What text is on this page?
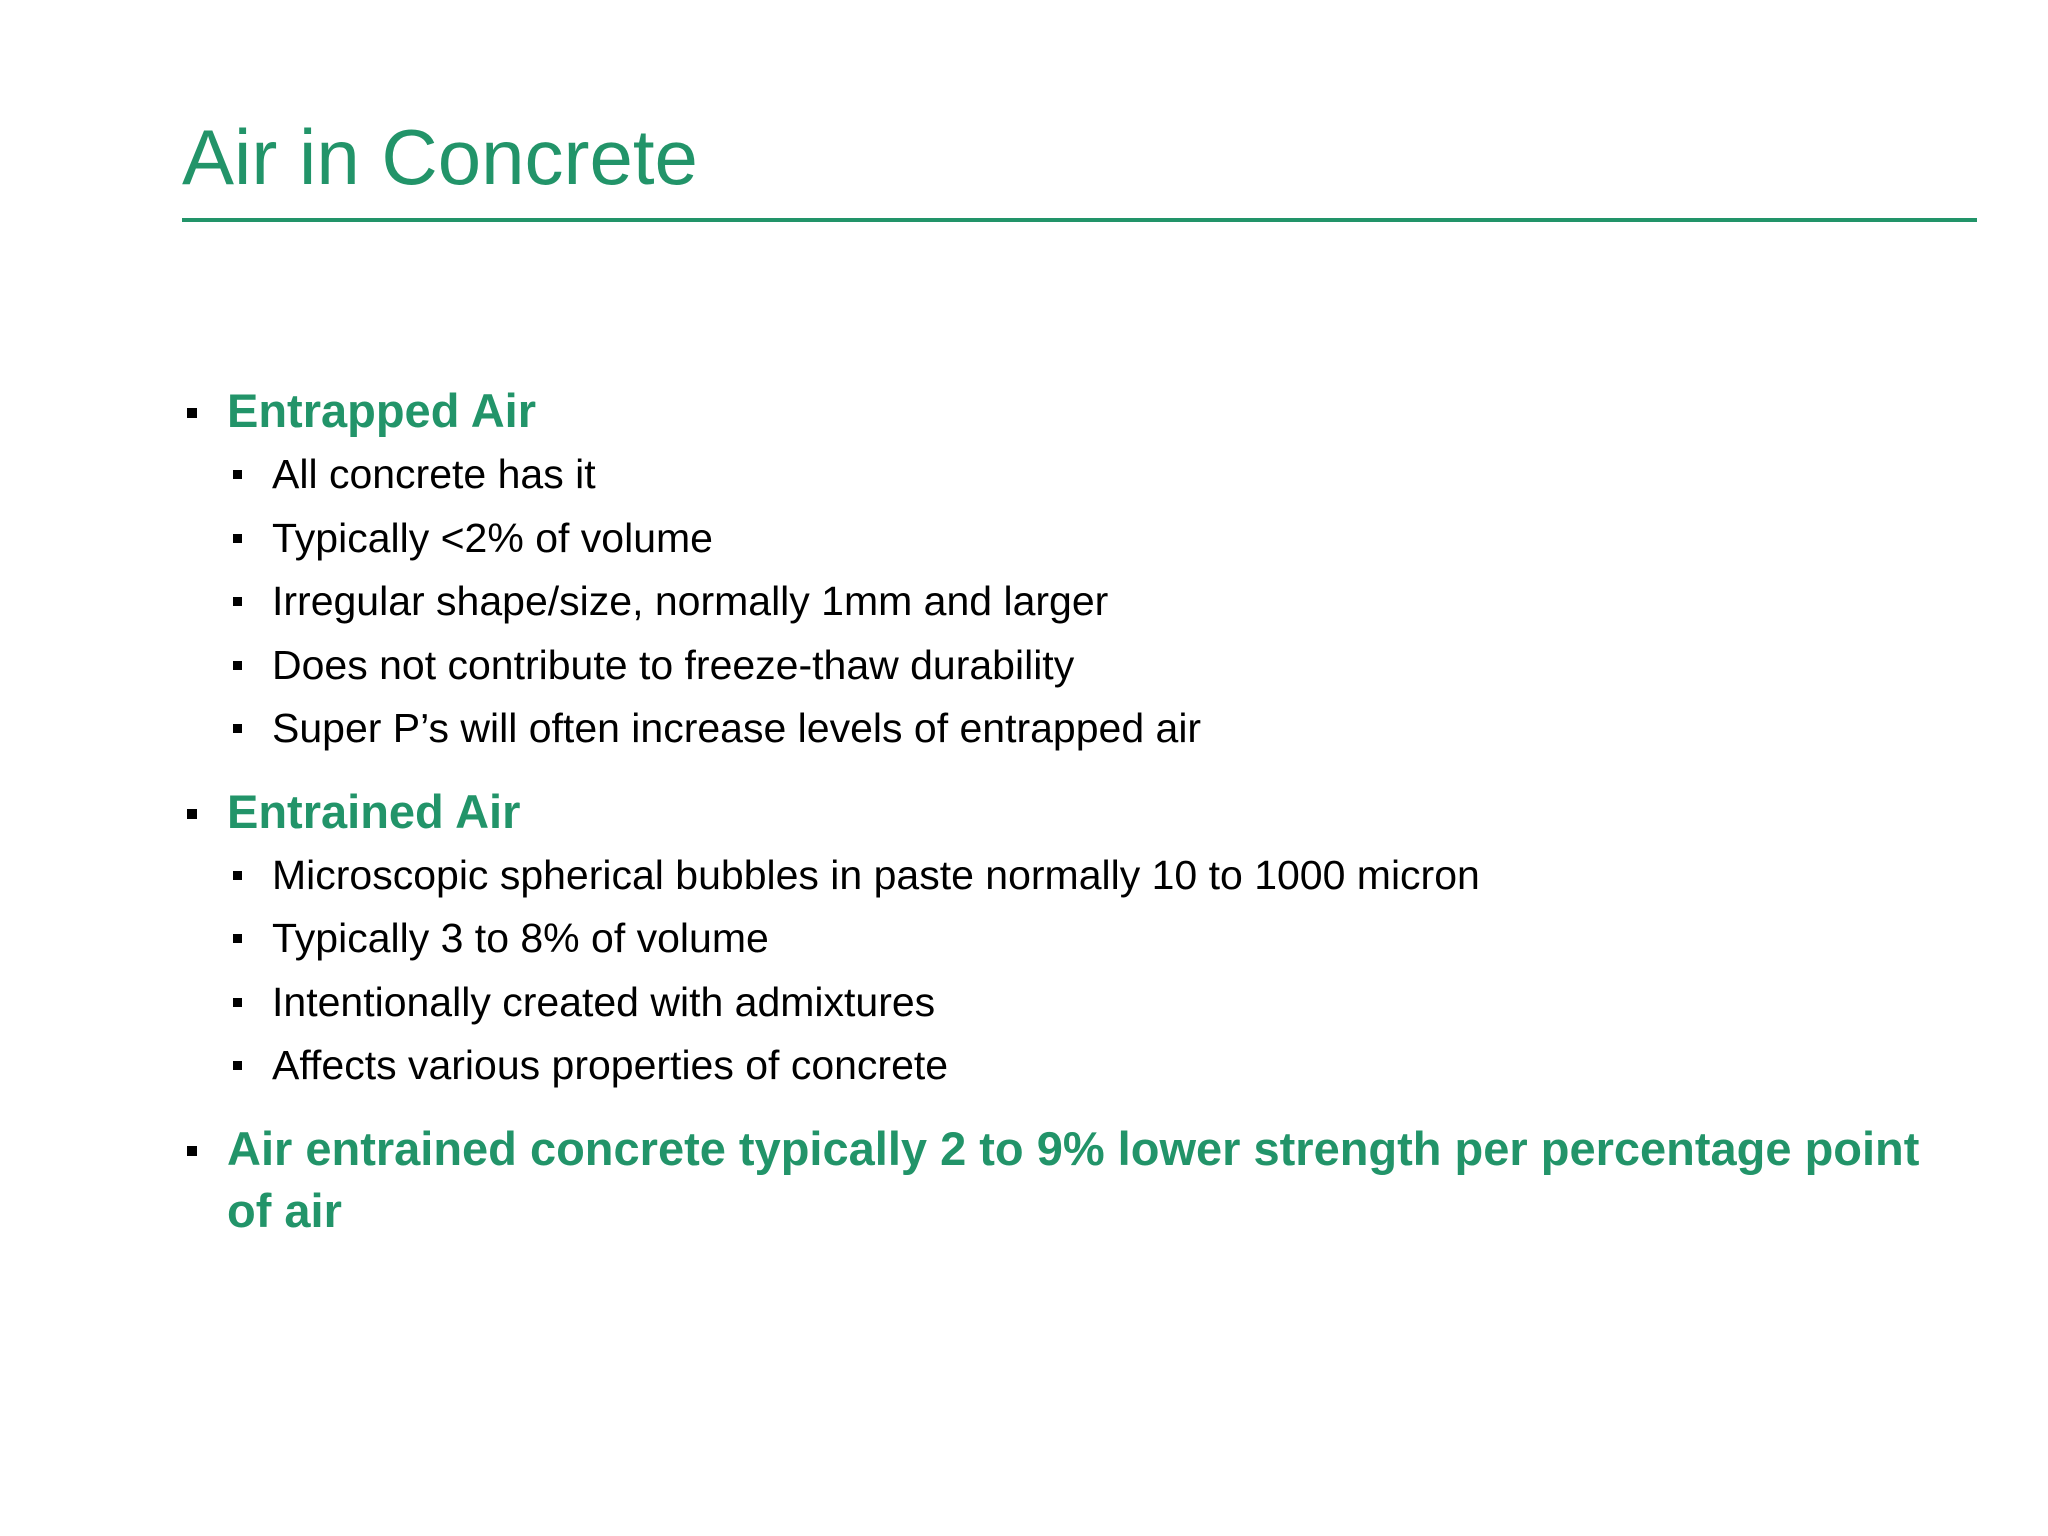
Air in Concrete

Entrapped Air

All concrete has it
Typically <2% of volume
Irregular shape/size, normally 1mm and larger
Does not contribute to freeze-thaw durability
Super P’s will often increase levels of entrapped air

Entrained Air

Microscopic spherical bubbles in paste normally 10 to 1000 micron
Typically 3 to 8% of volume
Intentionally created with admixtures
Affects various properties of concrete

Air entrained concrete typically 2 to 9% lower strength per percentage point of air
